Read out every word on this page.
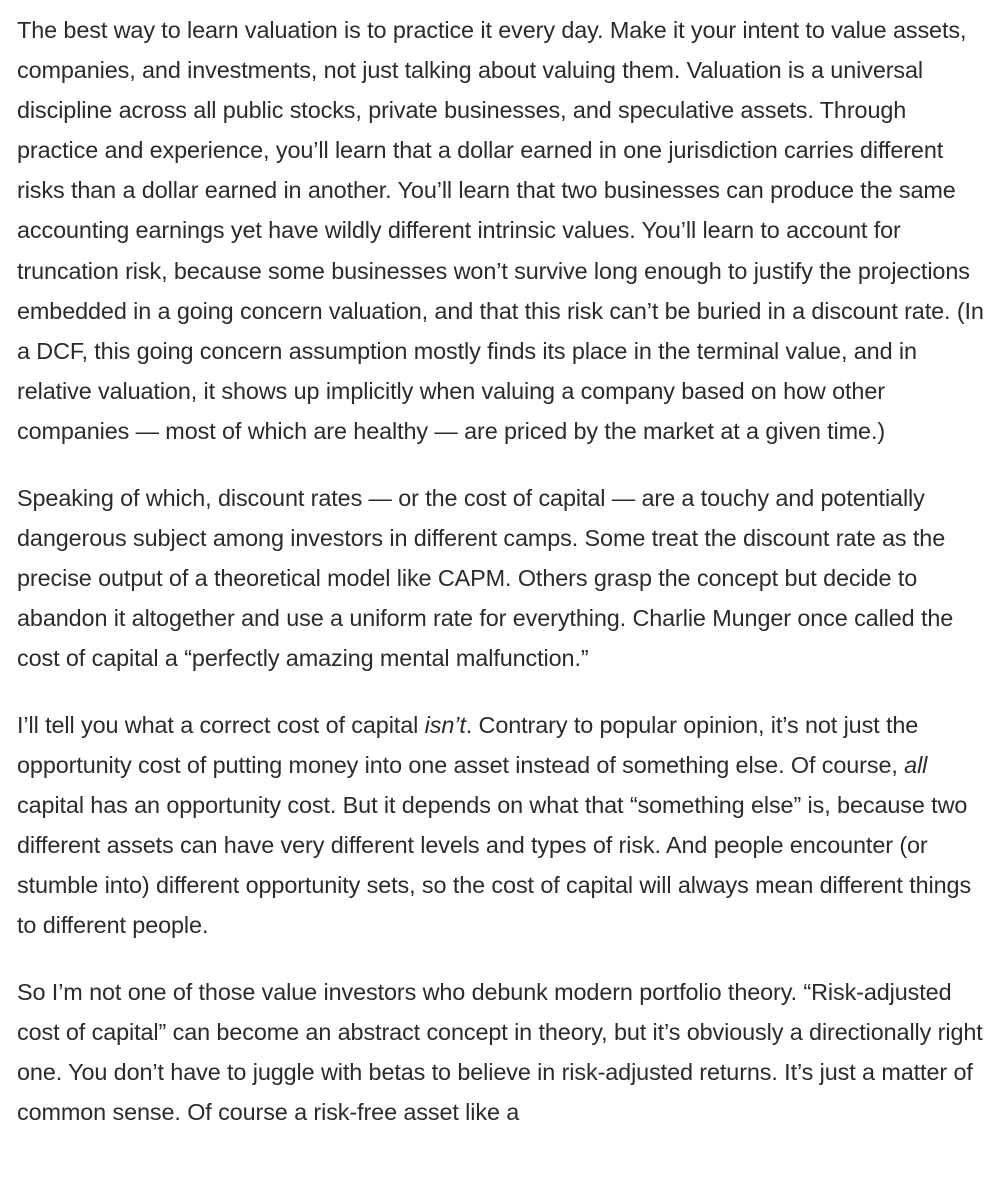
The best way to learn valuation is to practice it every day. Make it your intent to value assets, companies, and investments, not just talking about valuing them. Valuation is a universal discipline across all public stocks, private businesses, and speculative assets. Through practice and experience, you’ll learn that a dollar earned in one jurisdiction carries different risks than a dollar earned in another. You’ll learn that two businesses can produce the same accounting earnings yet have wildly different intrinsic values. You’ll learn to account for truncation risk, because some businesses won’t survive long enough to justify the projections embedded in a going concern valuation, and that this risk can’t be buried in a discount rate. (In a DCF, this going concern assumption mostly finds its place in the terminal value, and in relative valuation, it shows up implicitly when valuing a company based on how other companies — most of which are healthy — are priced by the market at a given time.)

Speaking of which, discount rates — or the cost of capital — are a touchy and potentially dangerous subject among investors in different camps. Some treat the discount rate as the precise output of a theoretical model like CAPM. Others grasp the concept but decide to abandon it altogether and use a uniform rate for everything. Charlie Munger once called the cost of capital a “perfectly amazing mental malfunction.”

I’ll tell you what a correct cost of capital isn’t. Contrary to popular opinion, it’s not just the opportunity cost of putting money into one asset instead of something else. Of course, all capital has an opportunity cost. But it depends on what that “something else” is, because two different assets can have very different levels and types of risk. And people encounter (or stumble into) different opportunity sets, so the cost of capital will always mean different things to different people.

So I’m not one of those value investors who debunk modern portfolio theory. “Risk-adjusted cost of capital” can become an abstract concept in theory, but it’s obviously a directionally right one. You don’t have to juggle with betas to believe in risk-adjusted returns. It’s just a matter of common sense. Of course a risk-free asset like a
